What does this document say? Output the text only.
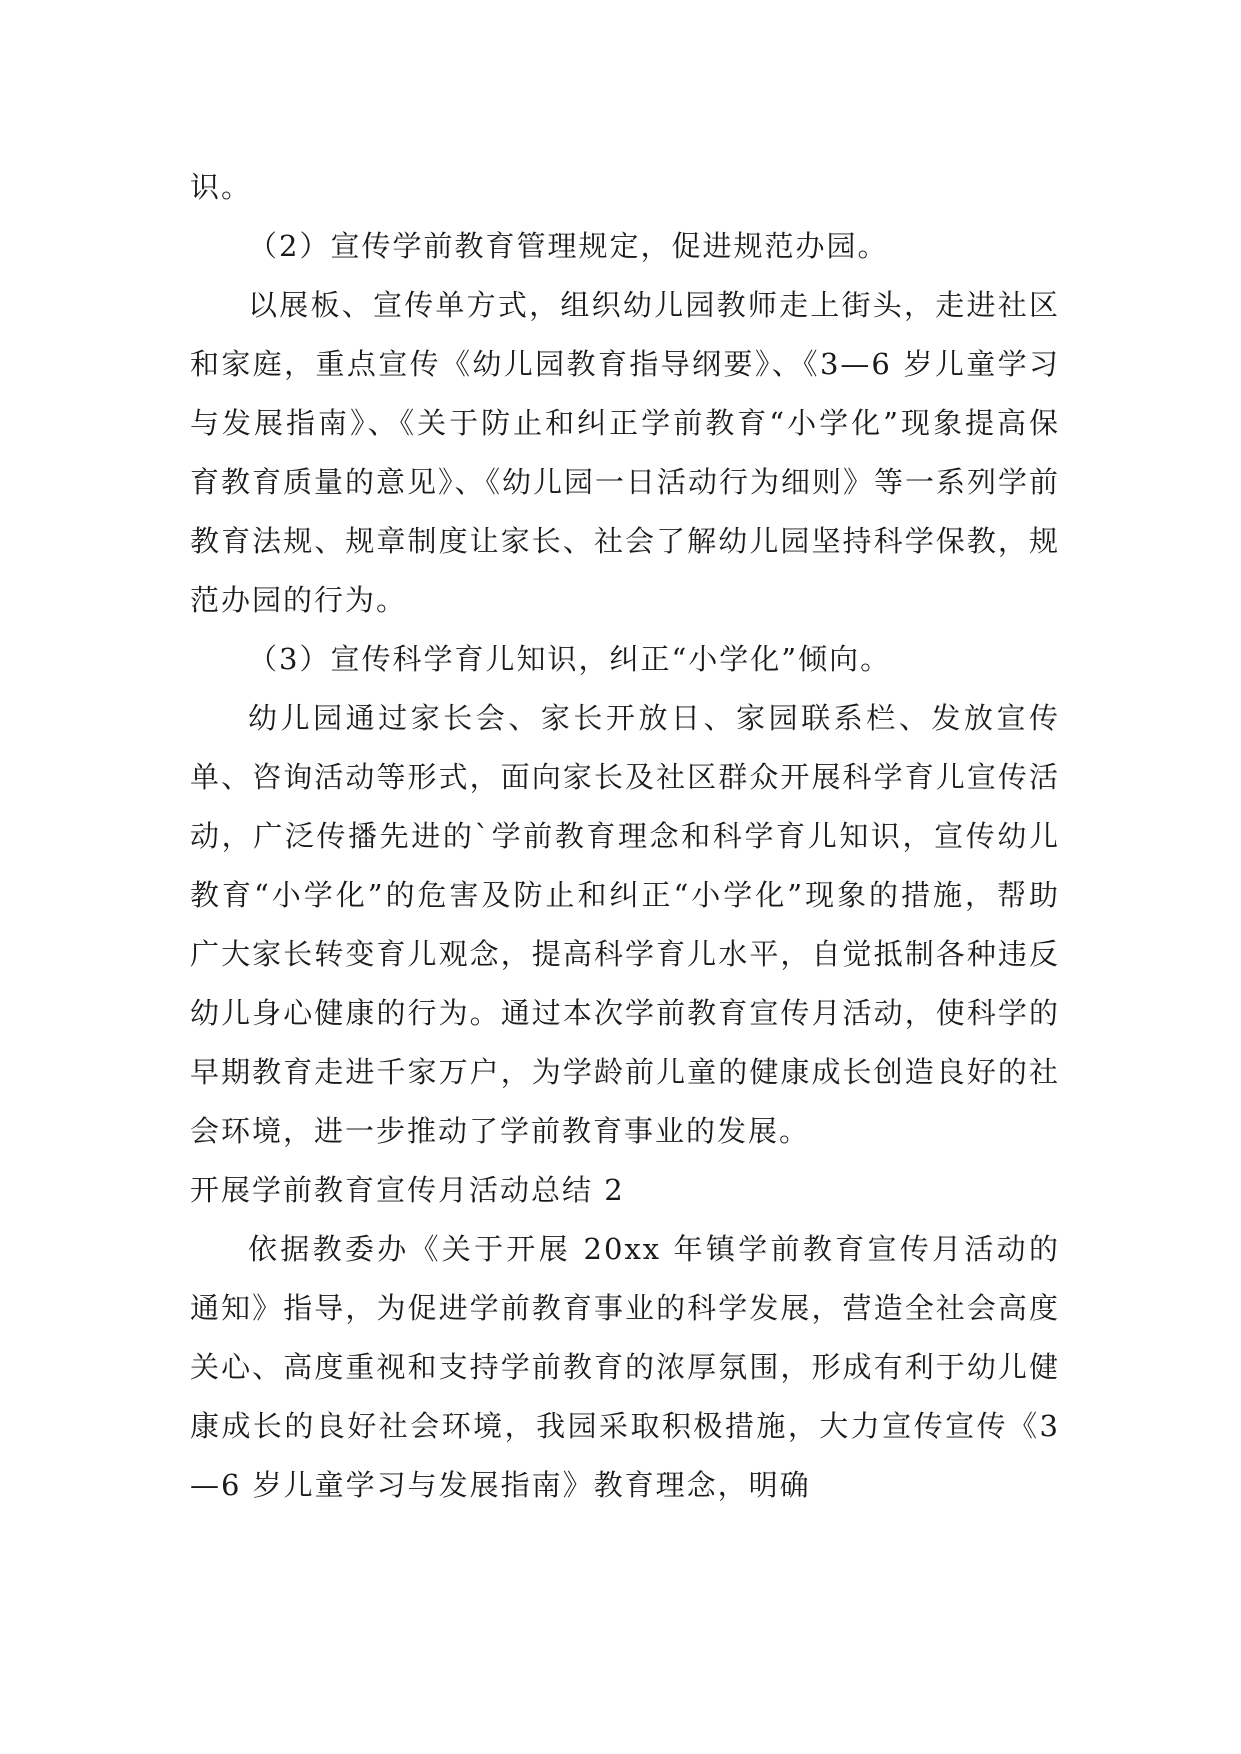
识。

（2）宣传学前教育管理规定，促进规范办园。

以展板、宣传单方式，组织幼儿园教师走上街头，走进社区和家庭，重点宣传《幼儿园教育指导纲要》、《3—6 岁儿童学习与发展指南》、《关于防止和纠正学前教育“小学化”现象提高保育教育质量的意见》、《幼儿园一日活动行为细则》等一系列学前教育法规、规章制度让家长、社会了解幼儿园坚持科学保教，规范办园的行为。

（3）宣传科学育儿知识，纠正“小学化”倾向。

幼儿园通过家长会、家长开放日、家园联系栏、发放宣传单、咨询活动等形式，面向家长及社区群众开展科学育儿宣传活动，广泛传播先进的`学前教育理念和科学育儿知识，宣传幼儿教育“小学化”的危害及防止和纠正“小学化”现象的措施，帮助广大家长转变育儿观念，提高科学育儿水平，自觉抵制各种违反幼儿身心健康的行为。通过本次学前教育宣传月活动，使科学的早期教育走进千家万户，为学龄前儿童的健康成长创造良好的社会环境，进一步推动了学前教育事业的发展。

开展学前教育宣传月活动总结 2

依据教委办《关于开展 20xx 年镇学前教育宣传月活动的通知》指导，为促进学前教育事业的科学发展，营造全社会高度关心、高度重视和支持学前教育的浓厚氛围，形成有利于幼儿健康成长的良好社会环境，我园采取积极措施，大力宣传宣传《3—6 岁儿童学习与发展指南》教育理念，明确
